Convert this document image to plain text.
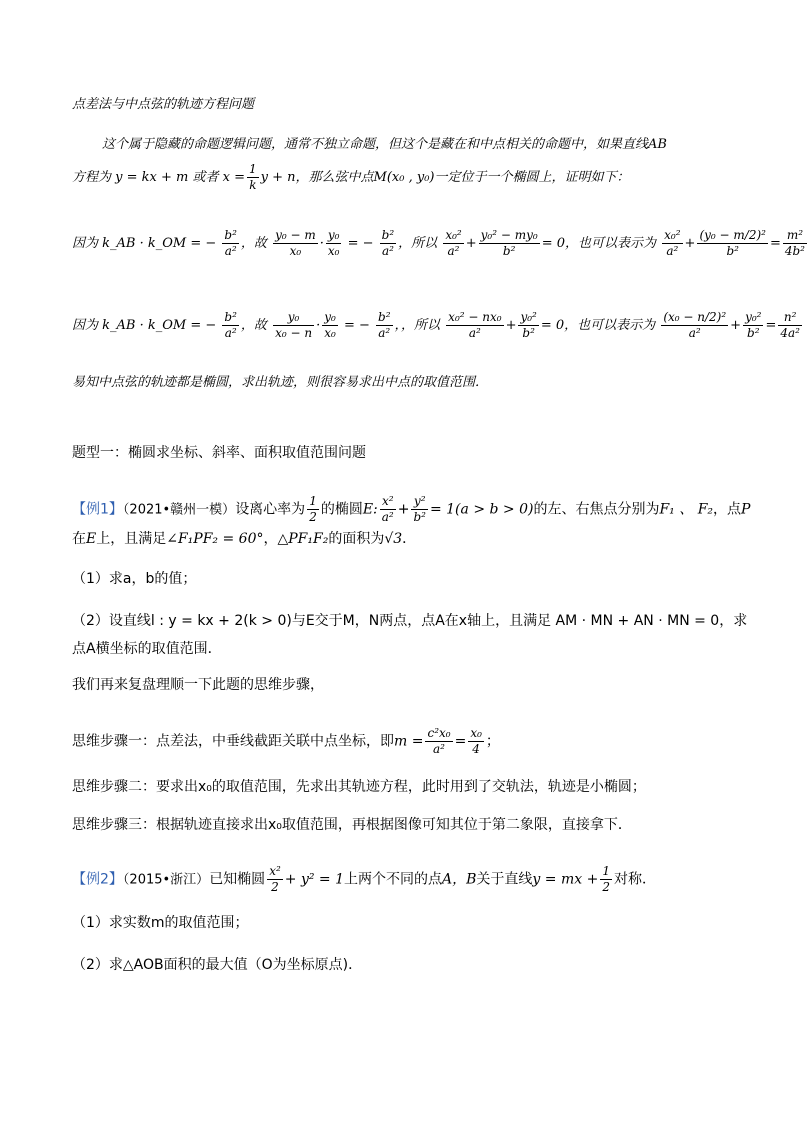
点差法与中点弦的轨迹方程问题
这个属于隐藏的命题逻辑问题，通常不独立命题，但这个是藏在和中点相关的命题中，如果直线AB
方程为 y = kx + m 或者 $x = \frac{1}{k}$ y + n，那么弦中点M(x₀ , y₀)一定位于一个椭圆上，证明如下：
因为 k_AB · k_OM = − $\frac{\text{b²}}{\text{a²}}$ ，故 $\frac{\text{y₀ − m}}{\text{x₀}} \cdot \frac{\text{y₀}}{\text{x₀}}$ = − $\frac{\text{b²}}{\text{a²}}$ ，所以 $\frac{\text{x₀²}}{\text{a²}} + \frac{\text{y₀² − my₀}}{\text{b²}} = 0$，也可以表示为 $\frac{\text{x₀²}}{\text{a²}} + \frac{\text{(y₀ − m/2)²}}{\text{b²}} = \frac{\text{m²}}{\text{4b²}}$
因为 k_AB · k_OM = − $\frac{\text{b²}}{\text{a²}}$ ，故 $\frac{\text{y₀}}{\text{x₀ − n}} \cdot \frac{\text{y₀}}{\text{x₀}}$ = − $\frac{\text{b²}}{\text{a²}}$ ，，所以 $\frac{\text{x₀² − nx₀}}{\text{a²}} + \frac{\text{y₀²}}{\text{b²}} = 0$，也可以表示为 $\frac{\text{(x₀ − n/2)²}}{\text{a²}} + \frac{\text{y₀²}}{\text{b²}} = \frac{\text{n²}}{\text{4a²}}$
易知中点弦的轨迹都是椭圆，求出轨迹，则很容易求出中点的取值范围．
题型一：椭圆求坐标、斜率、面积取值范围问题
【例1】（2021•赣州一模）设离心率为 $\frac{1}{2}$ 的椭圆E: $\frac{\text{x²}}{\text{a²}} + \frac{\text{y²}}{\text{b²}} = 1(a > b > 0)$的左、右焦点分别为F₁ 、 F₂，点P
在E上，且满足∠F₁PF₂ = 60°，△PF₁F₂的面积为√3．
（1）求a，b的值；
（2）设直线l : y = kx + 2(k > 0)与E交于M，N两点，点A在x轴上，且满足 AM · MN + AN · MN = 0，求
点A横坐标的取值范围．
我们再来复盘理顺一下此题的思维步骤，
思维步骤一：点差法，中垂线截距关联中点坐标，即$m = \frac{\text{c²x₀}}{\text{a²}} = \frac{\text{x₀}}{4}$ ；
思维步骤二：要求出x₀的取值范围，先求出其轨迹方程，此时用到了交轨法，轨迹是小椭圆；
思维步骤三：根据轨迹直接求出x₀取值范围，再根据图像可知其位于第二象限，直接拿下．
【例2】（2015•浙江）已知椭圆 $\frac{\text{x²}}{2} + y^2 = 1$上两个不同的点A，B关于直线y = mx + $\frac{1}{2}$ 对称．
（1）求实数m的取值范围；
（2）求△AOB面积的最大值（O为坐标原点)．
